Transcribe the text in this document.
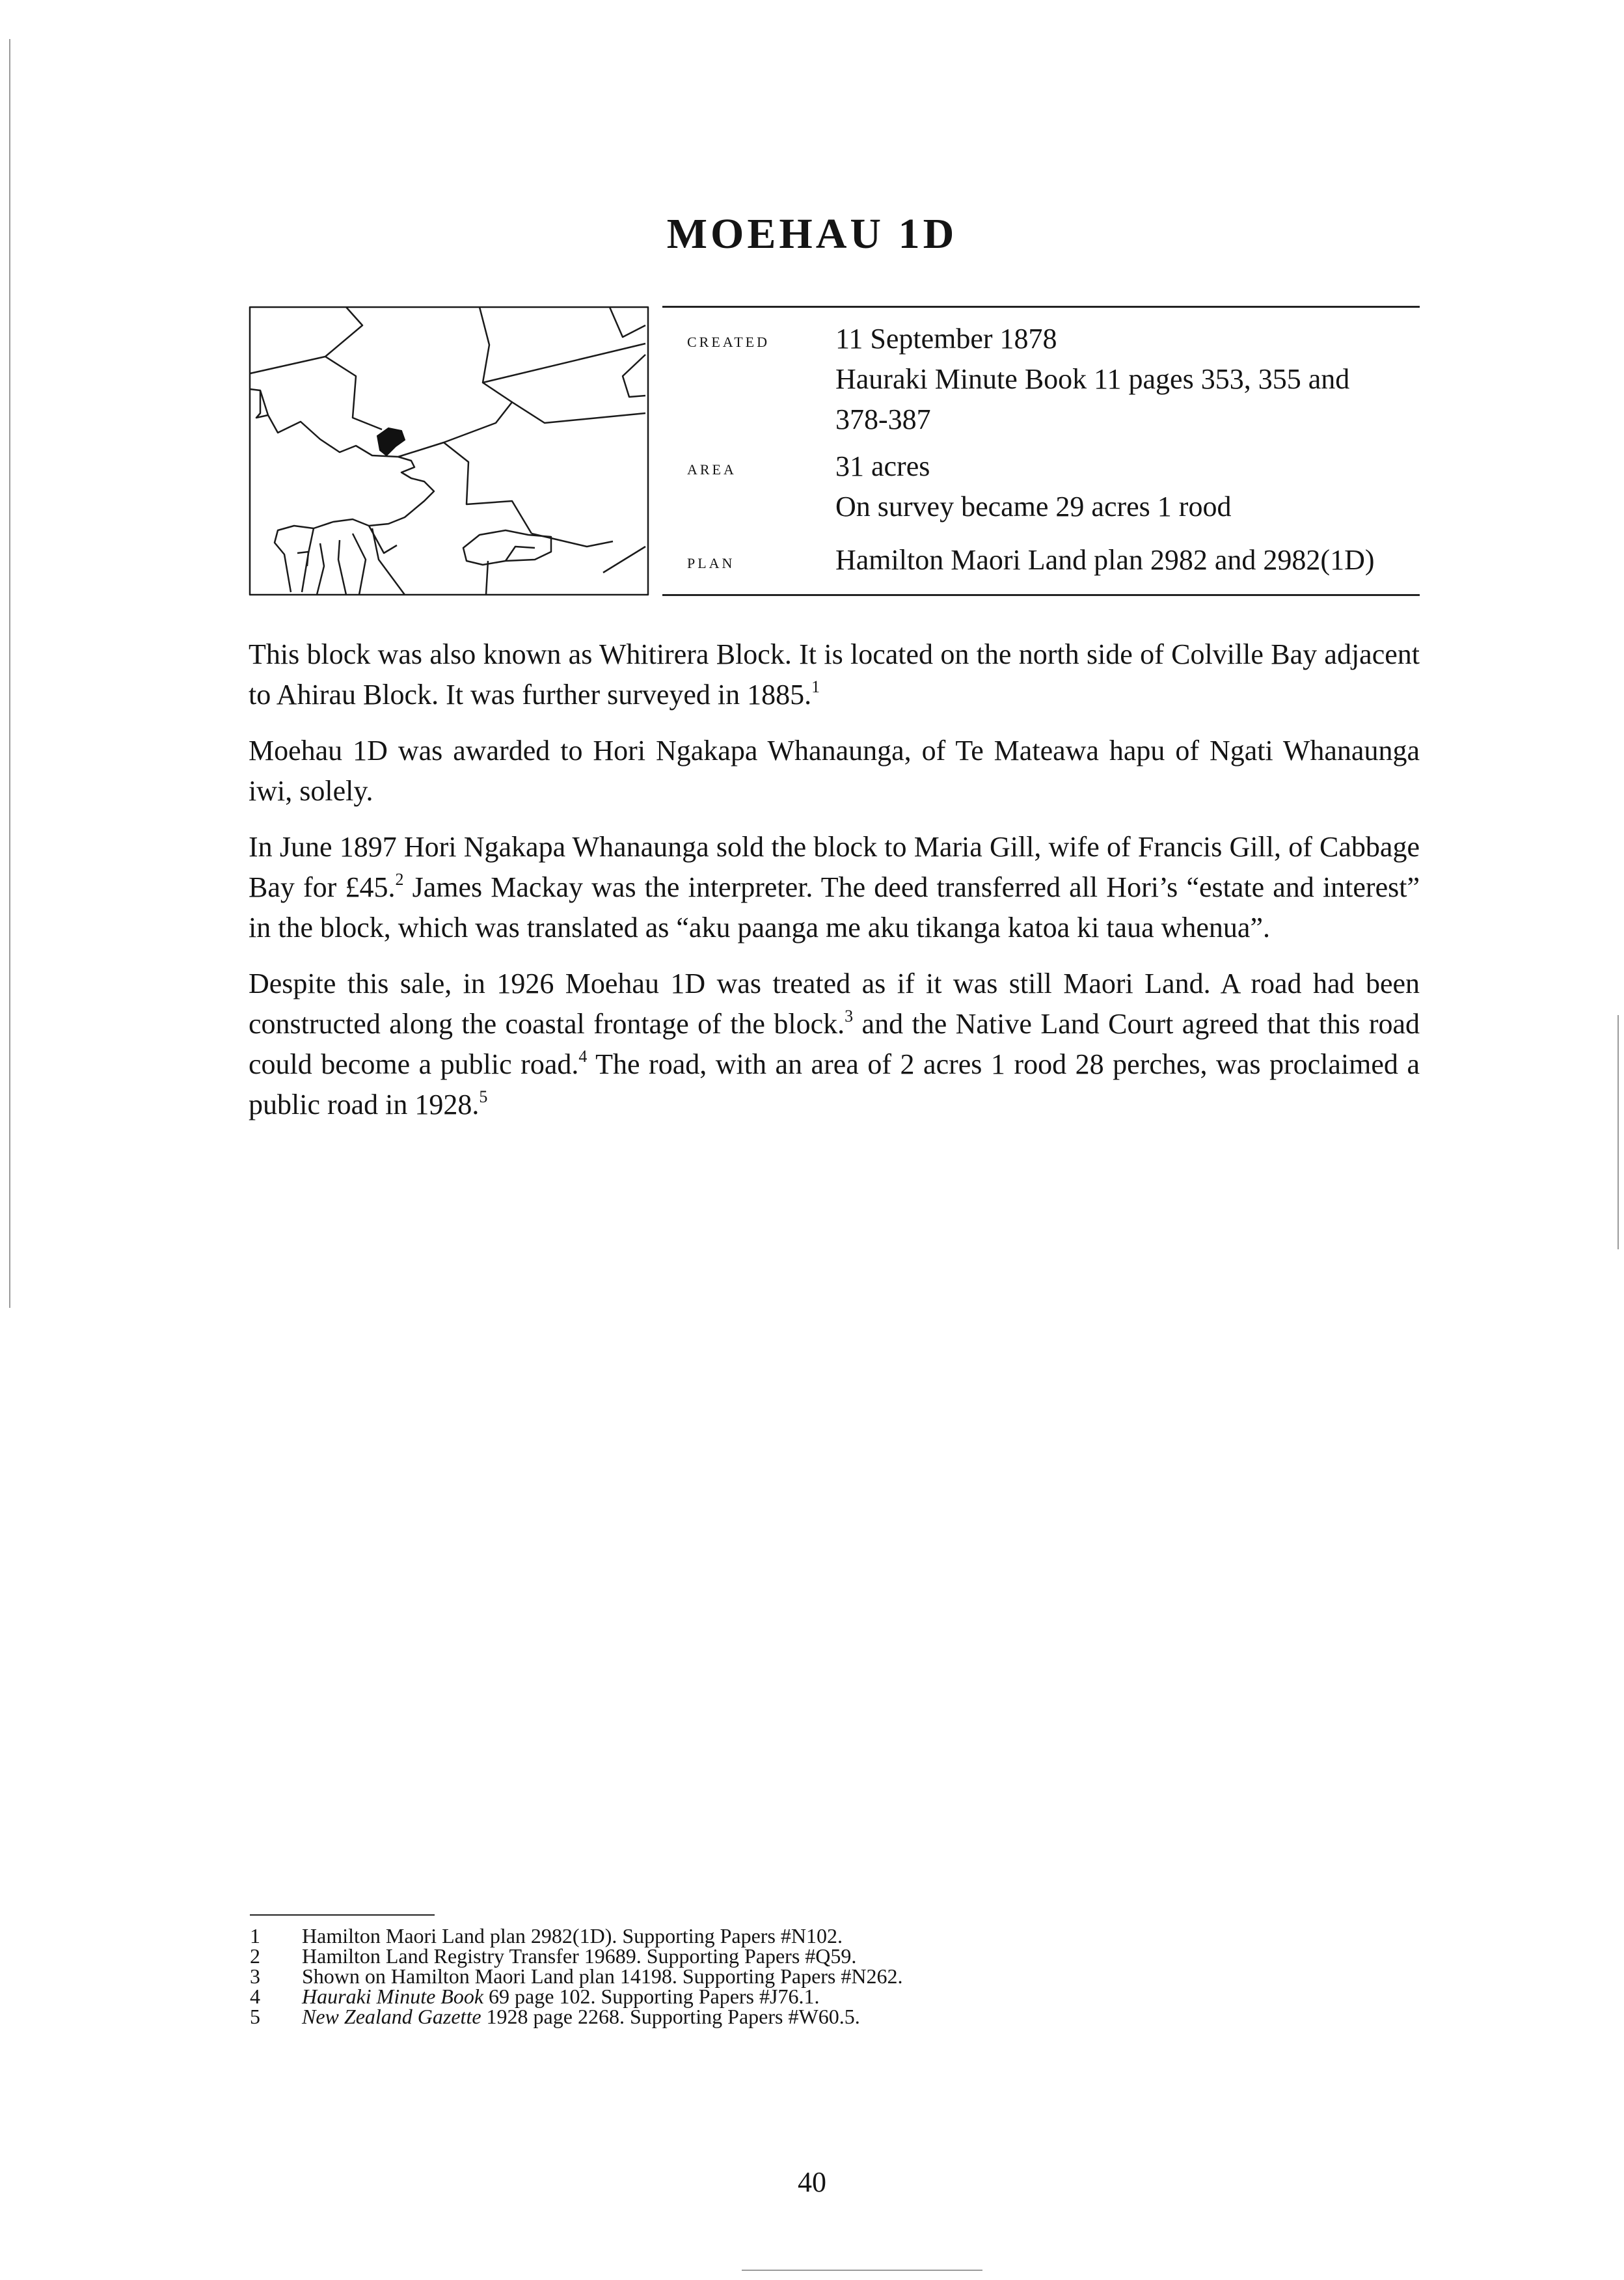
MOEHAU 1D
created 11 September 1878
Hauraki Minute Book 11 pages 353, 355 and
378-387
area	31 acres
On survey became 29 acres 1 rood
plan	Hamilton Maori Land plan 2982 and 2982(1D)

This block was also known as Whitirera Block. It is located on the north side of Colville Bay adjacent to Ahirau Block. It was further surveyed in 1885.$^1$

Moehau 1D was awarded to Hori Ngakapa Whanaunga, of Te Mateawa hapu of Ngati Whanaunga iwi, solely.

In June 1897 Hori Ngakapa Whanaunga sold the block to Maria Gill, wife of Francis Gill, of Cabbage Bay for £45.$^2$ James Mackay was the interpreter. The deed transferred all Hori’s “estate and interest” in the block, which was translated as “aku paanga me aku tikanga katoa ki taua whenua”.

Despite this sale, in 1926 Moehau 1D was treated as if it was still Maori Land. A road had been constructed along the coastal frontage of the block.$^3$ and the Native Land Court agreed that this road could become a public road.$^4$ The road, with an area of 2 acres 1 rood 28 perches, was proclaimed a public road in 1928.$^5$

1 Hamilton Maori Land plan 2982(1D). Supporting Papers #N102.
2 Hamilton Land Registry Transfer 19689. Supporting Papers #Q59.
3 Shown on Hamilton Maori Land plan 14198. Supporting Papers #N262.
4 Hauraki Minute Book 69 page 102. Supporting Papers #J76.1.
5 New Zealand Gazette 1928 page 2268. Supporting Papers #W60.5.
40
